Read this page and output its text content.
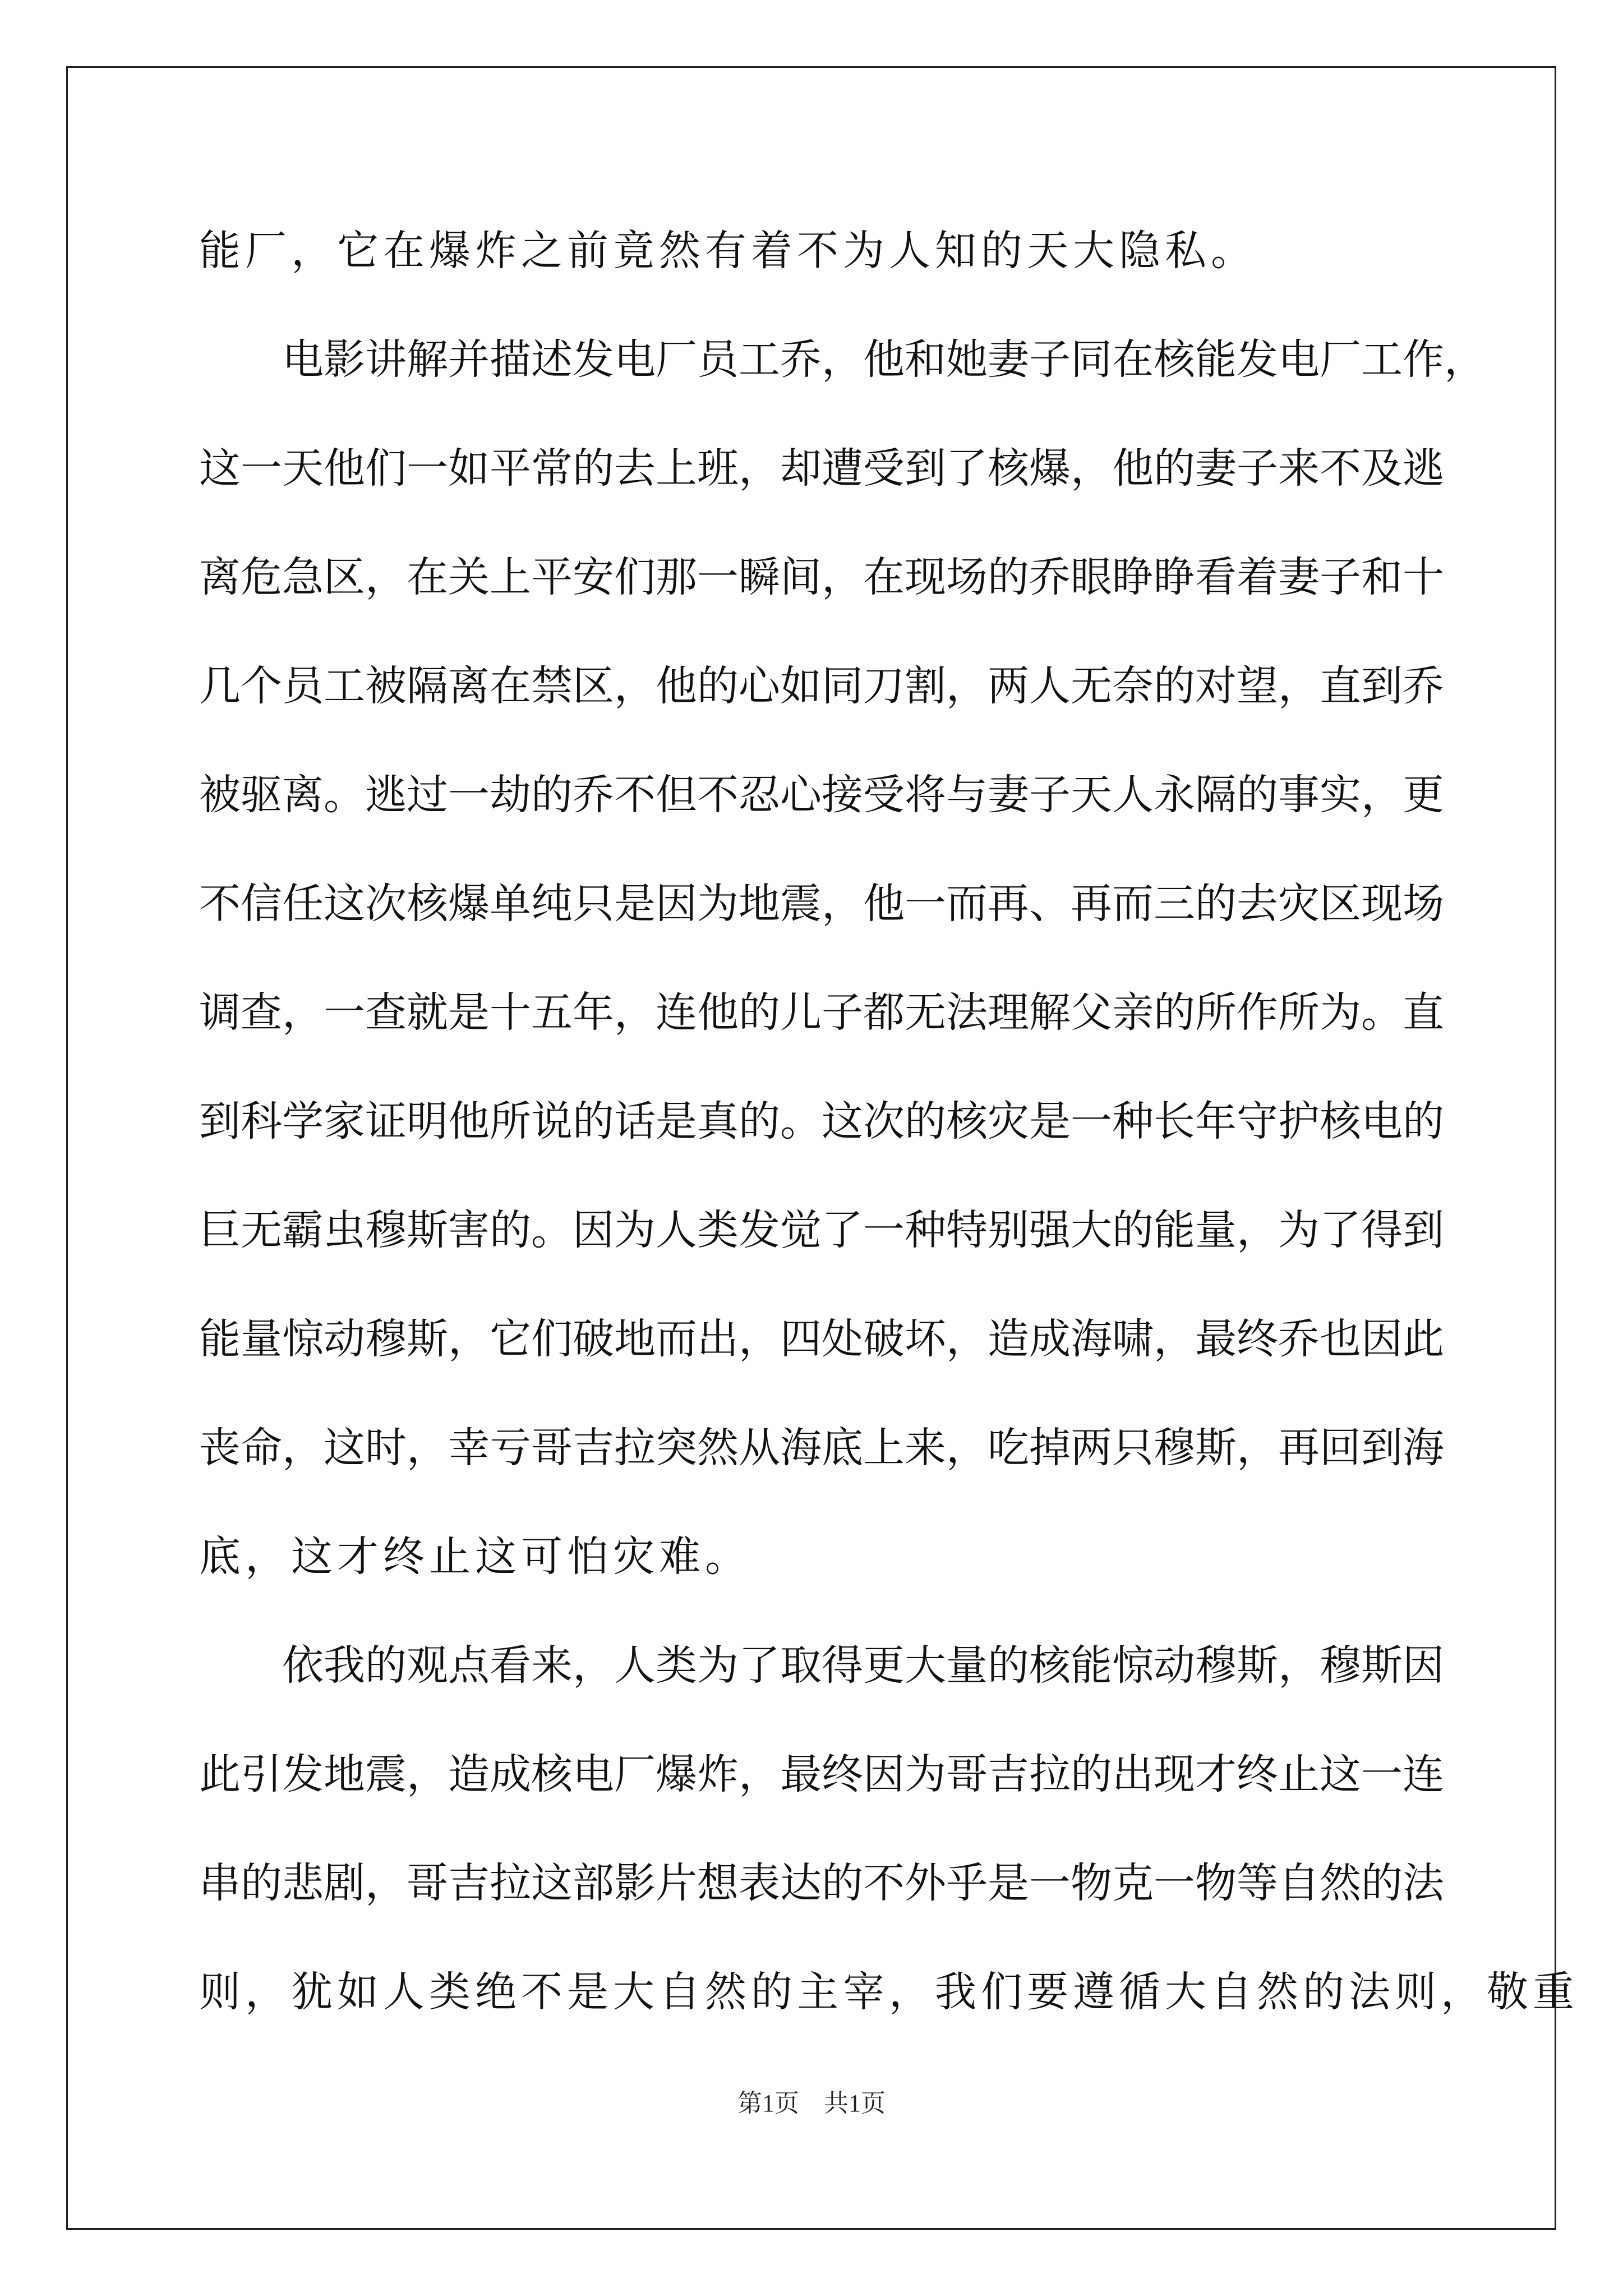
能厂，它在爆炸之前竟然有着不为人知的天大隐私。
电 影 讲 解 并 描 述 发 电 厂 员 工 乔 ， 他 和 她 妻 子 同 在 核 能 发 电 厂 工 作 ，
这 一 天 他 们 一 如 平 常 的 去 上 班 ， 却 遭 受 到 了 核 爆 ， 他 的 妻 子 来 不 及 逃
离 危 急 区 ， 在 关 上 平 安 们 那 一 瞬 间 ， 在 现 场 的 乔 眼 睁 睁 看 着 妻 子 和 十
几 个 员 工 被 隔 离 在 禁 区 ， 他 的 心 如 同 刀 割 ， 两 人 无 奈 的 对 望 ， 直 到 乔
被 驱 离 。 逃 过 一 劫 的 乔 不 但 不 忍 心 接 受 将 与 妻 子 天 人 永 隔 的 事 实 ， 更
不 信 任 这 次 核 爆 单 纯 只 是 因 为 地 震 ， 他 一 而 再 、 再 而 三 的 去 灾 区 现 场
调 查 ， 一 查 就 是 十 五 年 ， 连 他 的 儿 子 都 无 法 理 解 父 亲 的 所 作 所 为 。 直
到 科 学 家 证 明 他 所 说 的 话 是 真 的 。 这 次 的 核 灾 是 一 种 长 年 守 护 核 电 的
巨 无 霸 虫 穆 斯 害 的 。 因 为 人 类 发 觉 了 一 种 特 别 强 大 的 能 量 ， 为 了 得 到
能 量 惊 动 穆 斯 ， 它 们 破 地 而 出 ， 四 处 破 坏 ， 造 成 海 啸 ， 最 终 乔 也 因 此
丧 命 ， 这 时 ， 幸 亏 哥 吉 拉 突 然 从 海 底 上 来 ， 吃 掉 两 只 穆 斯 ， 再 回 到 海
底，这才终止这可怕灾难。
依 我 的 观 点 看 来 ， 人 类 为 了 取 得 更 大 量 的 核 能 惊 动 穆 斯 ， 穆 斯 因
此 引 发 地 震 ， 造 成 核 电 厂 爆 炸 ， 最 终 因 为 哥 吉 拉 的 出 现 才 终 止 这 一 连
串 的 悲 剧 ， 哥 吉 拉 这 部 影 片 想 表 达 的 不 外 乎 是 一 物 克 一 物 等 自 然 的 法
则，犹如人类绝不是大自然的主宰，我们要遵循大自然的法则，敬重
第1页　共1页
